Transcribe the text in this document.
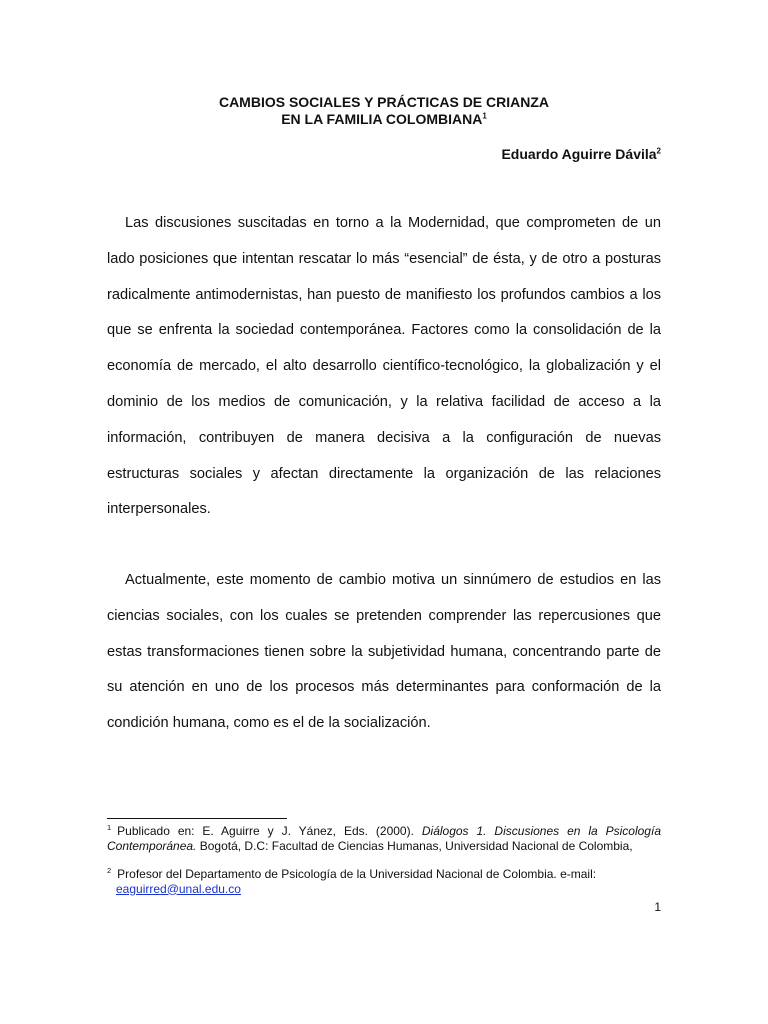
CAMBIOS SOCIALES Y PRÁCTICAS DE CRIANZA
EN LA FAMILIA COLOMBIANA$^1$
Eduardo Aguirre Dávila$^2$

Las discusiones suscitadas en torno a la Modernidad, que comprometen de un lado posiciones que intentan rescatar lo más “esencial” de ésta, y de otro a posturas radicalmente antimodernistas, han puesto de manifiesto los profundos cambios a los que se enfrenta la sociedad contemporánea. Factores como la consolidación de la economía de mercado, el alto desarrollo científico-tecnológico, la globalización y el dominio de los medios de comunicación, y la relativa facilidad de acceso a la información, contribuyen de manera decisiva a la configuración de nuevas estructuras sociales y afectan directamente la organización de las relaciones interpersonales.

Actualmente, este momento de cambio motiva un sinnúmero de estudios en las ciencias sociales, con los cuales se pretenden comprender las repercusiones que estas transformaciones tienen sobre la subjetividad humana, concentrando parte de su atención en uno de los procesos más determinantes para conformación de la condición humana, como es el de la socialización.

$^1$ Publicado en: E. Aguirre y J. Yánez, Eds. (2000). Diálogos 1. Discusiones en la Psicología Contemporánea. Bogotá, D.C: Facultad de Ciencias Humanas, Universidad Nacional de Colombia,

$^2$ Profesor del Departamento de Psicología de la Universidad Nacional de Colombia. e-mail:
eaguirred@unal.edu.co

1
